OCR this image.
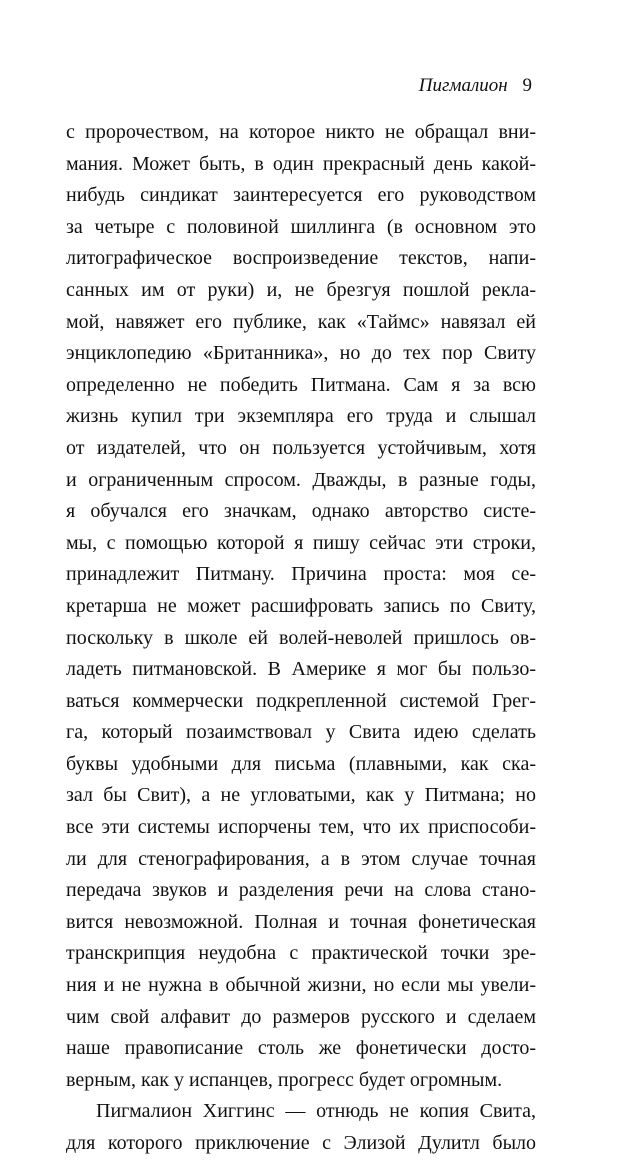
Пигмалион 9
с пророчеством, на которое никто не обращал вни-
мания. Может быть, в один прекрасный день какой-
нибудь синдикат заинтересуется его руководством
за четыре с половиной шиллинга (в основном это
литографическое воспроизведение текстов, напи-
санных им от руки) и, не брезгуя пошлой рекла-
мой, навяжет его публике, как «Таймс» навязал ей
энциклопедию «Британника», но до тех пор Свиту
определенно не победить Питмана. Сам я за всю
жизнь купил три экземпляра его труда и слышал
от издателей, что он пользуется устойчивым, хотя
и ограниченным спросом. Дважды, в разные годы,
я обучался его значкам, однако авторство систе-
мы, с помощью которой я пишу сейчас эти строки,
принадлежит Питману. Причина проста: моя се-
кретарша не может расшифровать запись по Свиту,
поскольку в школе ей волей-неволей пришлось ов-
ладеть питмановской. В Америке я мог бы пользо-
ваться коммерчески подкрепленной системой Грег-
га, который позаимствовал у Свита идею сделать
буквы удобными для письма (плавными, как ска-
зал бы Свит), а не угловатыми, как у Питмана; но
все эти системы испорчены тем, что их приспособи-
ли для стенографирования, а в этом случае точная
передача звуков и разделения речи на слова стано-
вится невозможной. Полная и точная фонетическая
транскрипция неудобна с практической точки зре-
ния и не нужна в обычной жизни, но если мы увели-
чим свой алфавит до размеров русского и сделаем
наше правописание столь же фонетически досто-
верным, как у испанцев, прогресс будет огромным.
Пигмалион Хиггинс — отнюдь не копия Свита,
для которого приключение с Элизой Дулитл было
